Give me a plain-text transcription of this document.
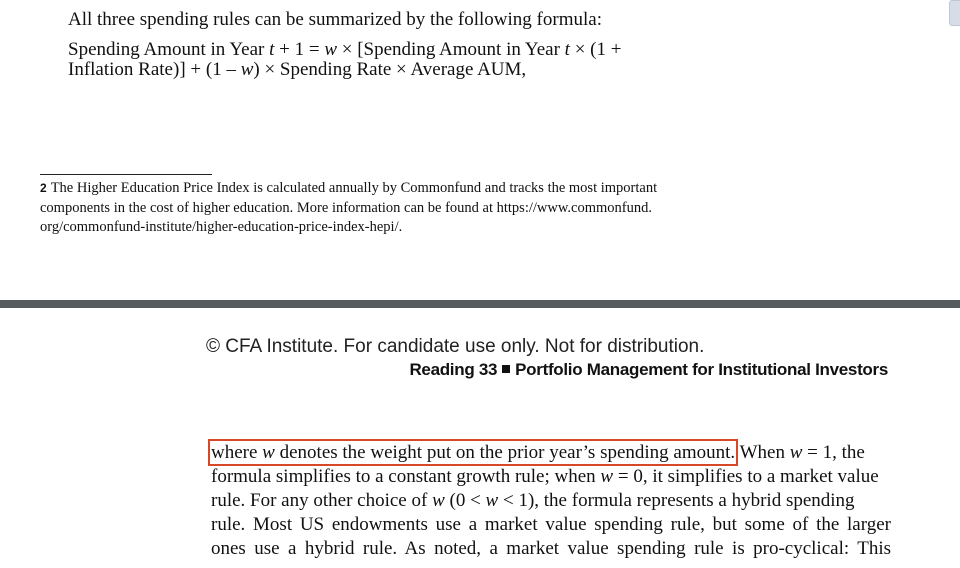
All three spending rules can be summarized by the following formula:
Spending Amount in Year t + 1 = w × [Spending Amount in Year t × (1 +
Inflation Rate)] + (1 – w) × Spending Rate × Average AUM,
2 The Higher Education Price Index is calculated annually by Commonfund and tracks the most important
components in the cost of higher education. More information can be found at https://www.commonfund.
org/commonfund-institute/higher-education-price-index-hepi/.
© CFA Institute. For candidate use only. Not for distribution.
Reading 33 Portfolio Management for Institutional Investors
where w denotes the weight put on the prior year’s spending amount. When w = 1, the
formula simplifies to a constant growth rule; when w = 0, it simplifies to a market value
rule. For any other choice of w (0 < w < 1), the formula represents a hybrid spending
rule. Most US endowments use a market value spending rule, but some of the larger
ones use a hybrid rule. As noted, a market value spending rule is pro-cyclical: This
